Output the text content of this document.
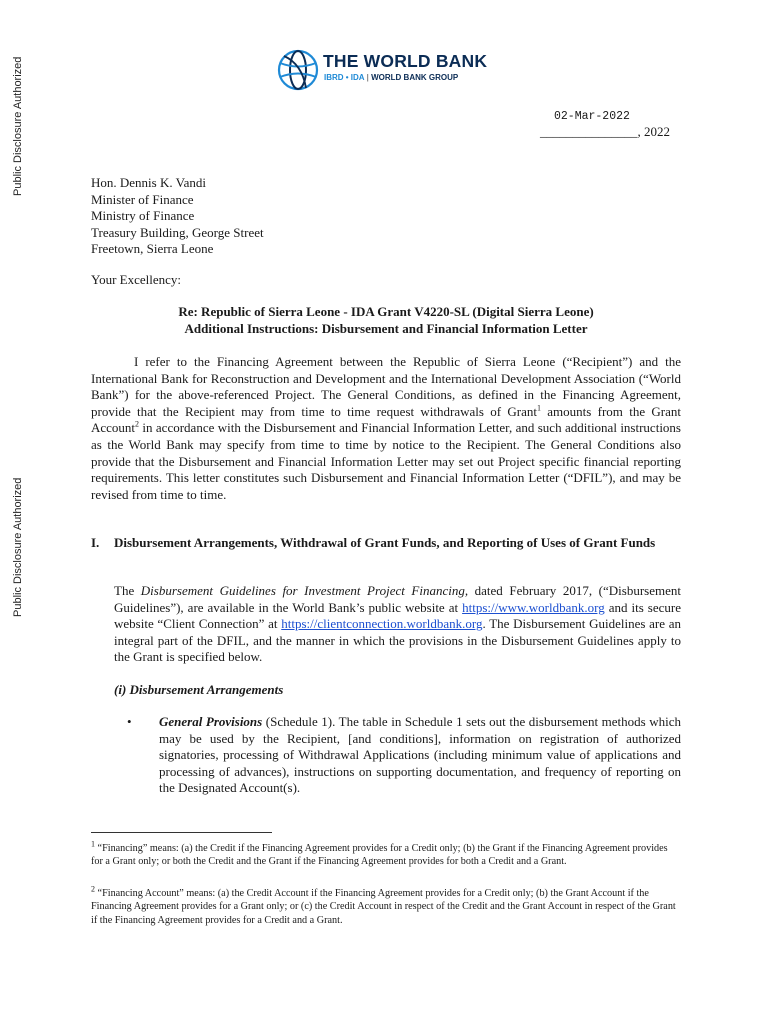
Public Disclosure Authorized
Public Disclosure Authorized
THE WORLD BANK
IBRD • IDA | WORLD BANK GROUP
02-Mar-2022
_______________, 2022
Hon. Dennis K. Vandi
Minister of Finance
Ministry of Finance
Treasury Building, George Street
Freetown, Sierra Leone
Your Excellency:
Re: Republic of Sierra Leone - IDA Grant V4220-SL (Digital Sierra Leone)
Additional Instructions: Disbursement and Financial Information Letter
I refer to the Financing Agreement between the Republic of Sierra Leone (“Recipient”) and the International Bank for Reconstruction and Development and the International Development Association (“World Bank”) for the above-referenced Project. The General Conditions, as defined in the Financing Agreement, provide that the Recipient may from time to time request withdrawals of Grant$^1$ amounts from the Grant Account$^2$ in accordance with the Disbursement and Financial Information Letter, and such additional instructions as the World Bank may specify from time to time by notice to the Recipient. The General Conditions also provide that the Disbursement and Financial Information Letter may set out Project specific financial reporting requirements. This letter constitutes such Disbursement and Financial Information Letter (“DFIL”), and may be revised from time to time.
I. Disbursement Arrangements, Withdrawal of Grant Funds, and Reporting of Uses of Grant Funds
The Disbursement Guidelines for Investment Project Financing, dated February 2017, (“Disbursement Guidelines”), are available in the World Bank’s public website at https://www.worldbank.org and its secure website “Client Connection” at https://clientconnection.worldbank.org. The Disbursement Guidelines are an integral part of the DFIL, and the manner in which the provisions in the Disbursement Guidelines apply to the Grant is specified below.
(i) Disbursement Arrangements
• General Provisions (Schedule 1). The table in Schedule 1 sets out the disbursement methods which may be used by the Recipient, [and conditions], information on registration of authorized signatories, processing of Withdrawal Applications (including minimum value of applications and processing of advances), instructions on supporting documentation, and frequency of reporting on the Designated Account(s).
$^1$ “Financing” means: (a) the Credit if the Financing Agreement provides for a Credit only; (b) the Grant if the Financing Agreement provides for a Grant only; or both the Credit and the Grant if the Financing Agreement provides for both a Credit and a Grant.
$^2$ “Financing Account” means: (a) the Credit Account if the Financing Agreement provides for a Credit only; (b) the Grant Account if the Financing Agreement provides for a Grant only; or (c) the Credit Account in respect of the Credit and the Grant Account in respect of the Grant if the Financing Agreement provides for a Credit and a Grant.
